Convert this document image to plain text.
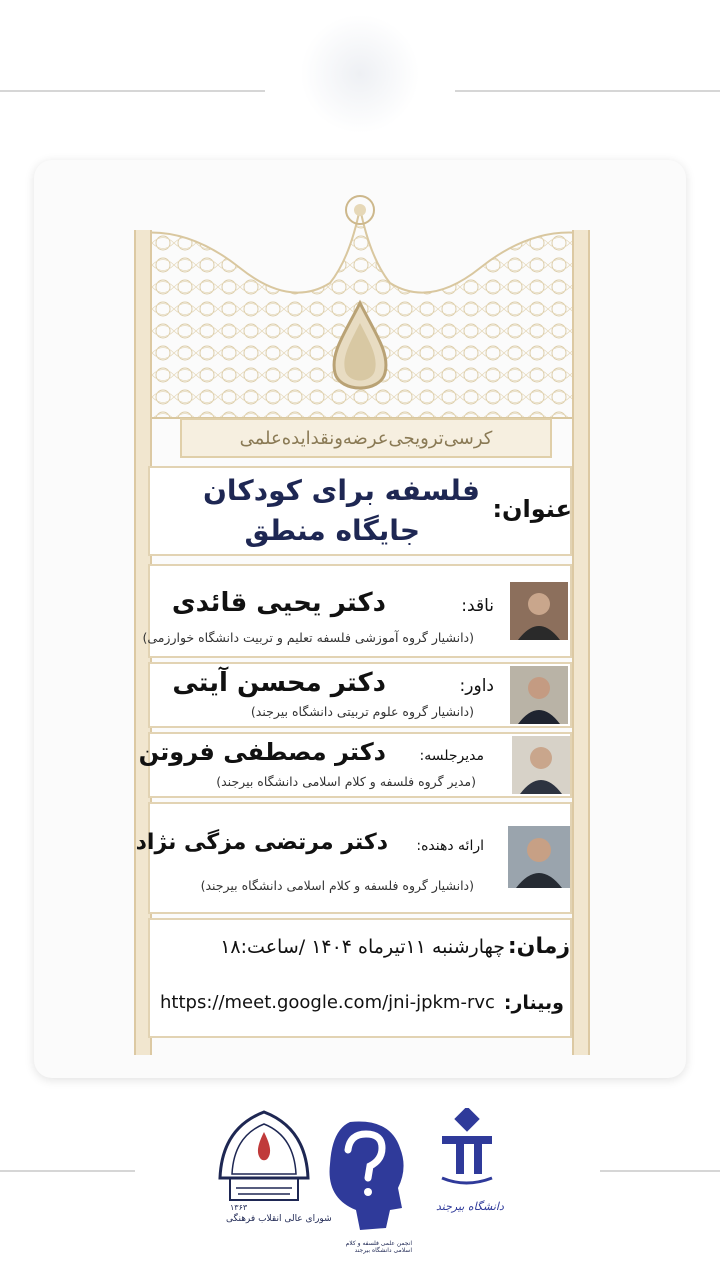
کرسی‌ترویجی‌عرضه‌ونقدایده‌علمی
عنوان:
فلسفه برای کودکان
جایگاه منطق
ناقد:
دکتر یحیی قائدی
(دانشیار گروه آموزشی فلسفه تعلیم و تربیت دانشگاه خوارزمی)
داور:
دکتر محسن آیتی
(دانشیار گروه علوم تربیتی دانشگاه بیرجند)
مدیرجلسه:
دکتر مصطفی فروتن
(مدیر گروه فلسفه و کلام اسلامی دانشگاه بیرجند)
ارائه دهنده:
دکتر مرتضی مزگی نژاد
(دانشیار گروه فلسفه و کلام اسلامی دانشگاه بیرجند)
زمان:
چهارشنبه ۱۱تیرماه ۱۴۰۴ /ساعت:۱۸
وبینار:
https://meet.google.com/jni-jpkm-rvc
۱۳۶۳
شورای عالی انقلاب فرهنگی
انجمن علمی فلسفه و کلام اسلامی دانشگاه بیرجند
دانشگاه بیرجند
